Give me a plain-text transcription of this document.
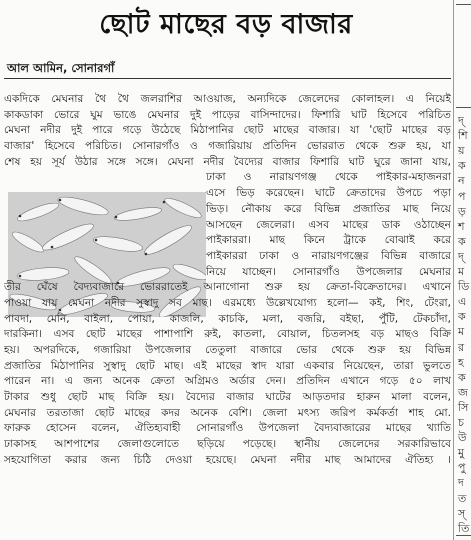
ছোট মাছের বড় বাজার
আল আমিন, সোনারগাঁ
একদিকে মেঘনার থৈ থৈ জলরাশির আওয়াজ, অন্যদিকে জেলেদের কোলাহল। এ নিয়েই
কাকডাকা ভোরে ঘুম ভাঙে মেঘনার দুই পাড়ের বাসিন্দাদের। ফিশারি ঘাট হিসেবে পরিচিত
মেঘনা নদীর দুই পারে গড়ে উঠেছে মিঠাপানির ছোট মাছের বাজার। যা 'ছোট মাছের বড়
বাজার' হিসেবে পরিচিত। সোনারগাঁও ও গজারিয়ায় প্রতিদিন ভোররাত থেকে শুরু হয়, যা
শেষ হয় সূর্য উঠার সঙ্গে সঙ্গে। মেঘনা নদীর বৈদ্যের বাজার ফিশারি ঘাট ঘুরে জানা যায়,
ঢাকা ও নারায়ণগঞ্জ থেকে পাইকার-মহাজনরা
এসে ভিড় করেছেন। ঘাটে ক্রেতাদের উপচে পড়া
ভিড়। নৌকায় করে বিভিন্ন প্রজাতির মাছ নিয়ে
আসছেন জেলেরা। এসব মাছের ডাক ওঠাচ্ছেন
পাইকাররা। মাছ কিনে ট্রাকে বোঝাই করে
পাইকাররা ঢাকা ও নারায়ণগঞ্জের বিভিন্ন বাজারে
নিয়ে যাচ্ছেন। সোনারগাঁও উপজেলার মেঘনার
তীর ঘেঁষে বৈদ্যবাজারে ভোররাতেই আনাগোনা শুরু হয় ক্রেতা-বিক্রেতাদের। এখানে
পাওয়া যায় মেঘনা নদীর সুস্বাদু সব মাছ। এরমধ্যে উল্লেখযোগ্য হলো— কই, শিং, টেংরা,
পাবদা, মেনি, বাইলা, পোয়া, কাজলি, কাচকি, মলা, বজরি, বইছা, পুঁটি, টেকচাঁদা,
দারকিনা। এসব ছোট মাছের পাশাপাশি রুই, কাতলা, বোয়াল, চিতলসহ বড় মাছও বিক্রি
হয়। অপরদিকে, গজারিয়া উপজেলার তেতুলা বাজারে ভোর থেকে শুরু হয় বিভিন্ন
প্রজাতির মিঠাপানির সুস্বাদু ছোট মাছ। এই মাছের স্বাদ যারা একবার নিয়েছেন, তারা ভুলতে
পারেন না। এ জন্য অনেক ক্রেতা অগ্রিমও অর্ডার দেন। প্রতিদিন এখানে গড়ে ৫০ লাখ
টাকার শুধু ছোট মাছ বিক্রি হয়। বৈদ্যের বাজার ঘাটের আড়তদার হারুন মালা বলেন,
মেঘনার তরতাজা ছোট মাছের কদর অনেক বেশি। জেলা মৎস্য জরিপ কর্মকর্তা শাহ মো.
ফারুক হোসেন বলেন, ঐতিহ্যবাহী সোনারগাঁও উপজেলা বৈদ্যবাজারের মাছের খ্যাতি
ঢাকাসহ আশপাশের জেলাগুলোতে ছড়িয়ে পড়েছে। স্থানীয় জেলেদের সরকারিভাবে
সহযোগিতা করার জন্য চিঠি দেওয়া হয়েছে। মেঘনা নদীর মাছ আমাদের ঐতিহ্য ।
দ্
শি
য়
ক
ন
প
ড়
শ
ক
দ্
ম
ডি
এ
ক
ম
র
হ
ক
জ
সি
চ
উ
মু
পু
দ
ত
স্
তি
